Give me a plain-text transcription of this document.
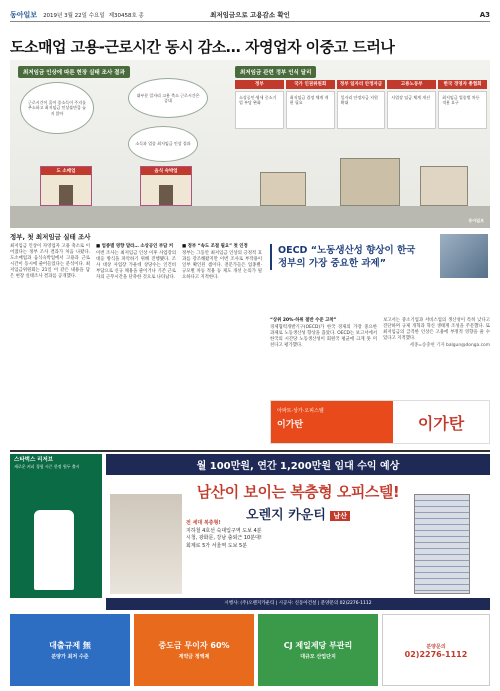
동아일보 2019년 3월 22일 수요일 제30458호 종	최저임금으로 고용감소 확인	A3
도소매업 고용-근로시간 동시 감소… 자영업자 이중고 드러나
최저임금 인상에 따른 현장 실태 조사 결과	최저임금 관련 정부 인식 달리
근로시간이 줄어 종소득이 주지를 추소하고 최저임금 인상률만큼 늘지 않아
대부분 일자리 고용 축소 근로시간은 증대
소득과 업종 최저임금 인상 결과
도 소매업	음식 숙박업
정부
소상공인·영세 중소기업 부담 완화
국가 인권위원회
최저임금 결정 체계 개편 필요
정부 일자리 안정자금
일자리 안정자금 지원 확대
고용노동부
사업장 임금 체계 개선
한국 경영자 총협회
최저임금 업종별 차등 적용 요구
동아일보
정부, 첫 최저임금 실태 조사

최저임금 인상이 자영업자 고용 축소로 이어졌다는 정부 조사 결과가 처음 나왔다. 도소매업과 음식숙박업에서 고용과 근로시간이 동시에 줄어들었다는 분석이다. 최저임금위원회는 21일 이 같은 내용을 담은 현장 실태조사 결과를 공개했다.

■ 업종별 영향 달라… 소상공인 부담 커

이번 조사는 최저임금 인상 이후 사업장의 대응 방식을 파악하기 위해 진행됐다. 조사 대상 사업장 가운데 상당수는 인건비 부담으로 신규 채용을 줄이거나 기존 근로자의 근무시간을 단축한 것으로 나타났다.

■ 정부 “속도 조절 필요” 첫 인정

정부는 그동안 최저임금 인상의 긍정적 효과를 강조해왔지만 이번 조사로 부작용이 일부 확인된 셈이다. 전문가들은 업종별·규모별 차등 적용 등 제도 개선 논의가 필요하다고 지적한다.

OECD “노동생산성 향상이 한국정부의 가장 중요한 과제”

“상위 20%·하위 절반 수준 고착”

경제협력개발기구(OECD)가 한국 경제의 가장 중요한 과제로 노동생산성 향상을 꼽았다. OECD는 보고서에서 한국의 시간당 노동생산성이 회원국 평균에 크게 못 미친다고 평가했다.

보고서는 중소기업과 서비스업의 생산성이 특히 낮다고 진단하며 규제 개혁과 혁신 생태계 조성을 주문했다. 또 최저임금의 급격한 인상은 고용에 부정적 영향을 줄 수 있다고 지적했다.

세종=송충현 기자 balgun@donga.com

아파트·상가·오피스텔
이가탄	이가탄
스타벅스 리저브
새로운 커피 경험 시즌 한정 원두 출시	월 100만원, 연간 1,200만원 임대 수익 예상
남산이 보이는 복층형 오피스텔!
오렌지 카운티 남산
전 세대 복층형!
지하철 4호선 숙대입구역 도보 4분
시청, 광화문, 강남 출퇴근 10분대!
회계로 5가 서울역 도보 5분
시행사: (주)오렌지카운티 | 시공사: 신동아건설 | 분양문의 02)2276-1112
대출규제 無
분양가 최저 수준
중도금 무이자 60%
계약금 정액제
CJ 제일제당 부관리
대규모 산업단지
분양문의
02)2276-1112
